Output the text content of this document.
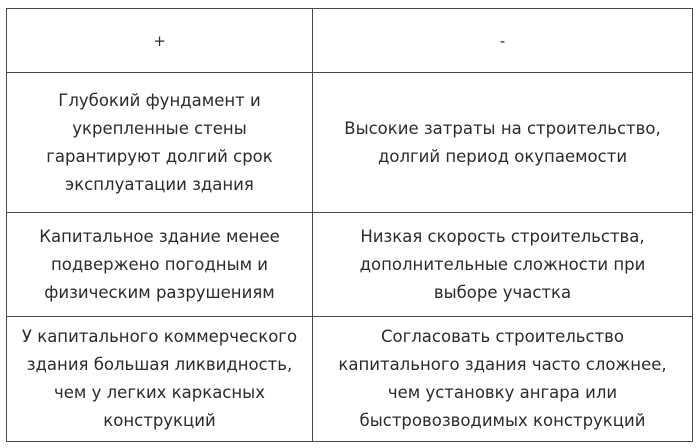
+	-
Глубокий фундамент и укрепленные стены гарантируют долгий срок эксплуатации здания	Высокие затраты на строительство, долгий период окупаемости
Капитальное здание менее подвержено погодным и физическим разрушениям	Низкая скорость строительства, дополнительные сложности при выборе участка
У капитального коммерческого здания большая ликвидность, чем у легких каркасных конструкций	Согласовать строительство капитального здания часто сложнее, чем установку ангара или быстровозводимых конструкций
